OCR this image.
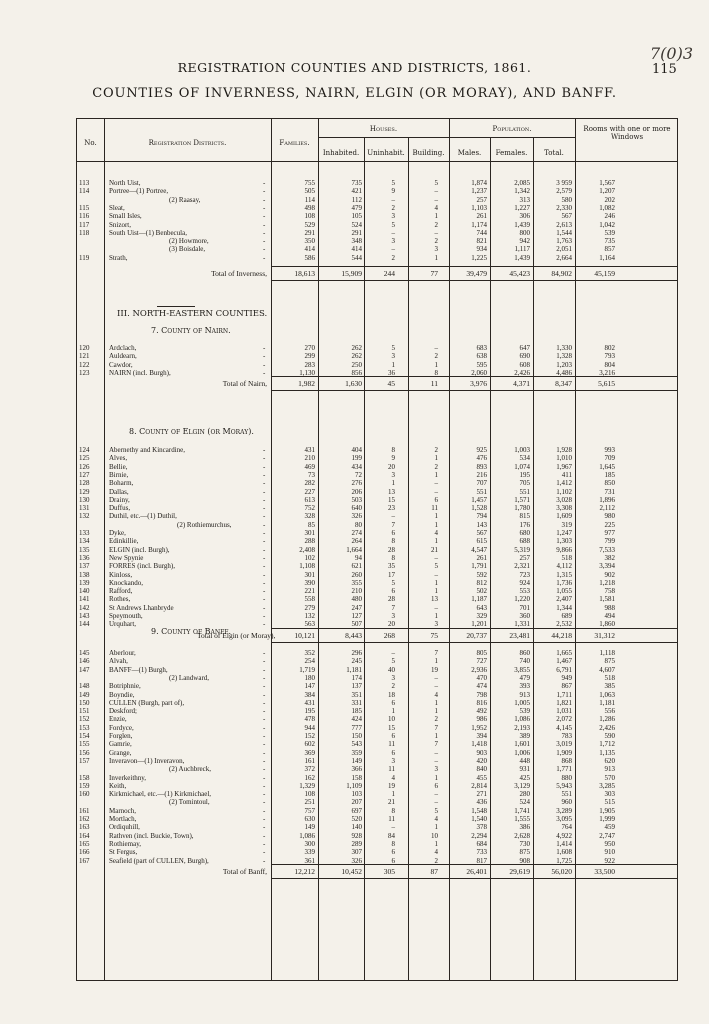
7(0)3
REGISTRATION COUNTIES AND DISTRICTS, 1861.	115
COUNTIES OF INVERNESS, NAIRN, ELGIN (OR MORAY), AND BANFF.
No.	Registration Districts.	Families.
Houses.
Inhabited.	Uninhabit.	Building.
Population.
Males.	Females.	Total.
Rooms with one or more Windows
III. NORTH-EASTERN COUNTIES.
7. County of Nairn.
8. County of Elgin (or Moray).
9. County of Banff.
113	North Uist,	-	755	735	5	5	1,874	2,085	3 959	1,567
114	Portree—(1) Portree,	-	505	421	9	–	1,237	1,342	2,579	1,207
(2) Raasay,	-	114	112	–	–	257	313	580	202
115	Sleat,	-	498	479	2	4	1,103	1,227	2,330	1,082
116	Small Isles,	-	108	105	3	1	261	306	567	246
117	Snizort,	-	529	524	5	2	1,174	1,439	2,613	1,042
118	South Uist—(1) Benbecula,	-	291	291	–	–	744	800	1,544	539
(2) Howmore,	-	350	348	3	2	821	942	1,763	735
(3) Boisdale,	-	414	414	–	3	934	1,117	2,051	857
119	Strath,	-	586	544	2	1	1,225	1,439	2,664	1,164
Total of Inverness,	18,613	15,909	244	77	39,479	45,423	84,902	45,159
120	Ardclach,	-	270	262	5	–	683	647	1,330	802
121	Auldearn,	-	299	262	3	2	638	690	1,328	793
122	Cawdor,	-	283	250	1	1	595	608	1,203	804
123	NAIRN (incl. Burgh),	-	1,130	856	36	8	2,060	2,426	4,486	3,216
Total of Nairn,	1,982	1,630	45	11	3,976	4,371	8,347	5,615
124	Abernethy and Kincardine,	-	431	404	8	2	925	1,003	1,928	993
125	Alves,	-	210	199	9	1	476	534	1,010	709
126	Bellie,	-	469	434	20	2	893	1,074	1,967	1,645
127	Birnie,	-	73	72	3	1	216	195	411	185
128	Boharm,	-	282	276	1	–	707	705	1,412	850
129	Dallas,	-	227	206	13	–	551	551	1,102	731
130	Drainy,	-	613	503	15	6	1,457	1,571	3,028	1,896
131	Duffus,	-	752	640	23	11	1,528	1,780	3,308	2,112
132	Duthil, etc.—(1) Duthil,	-	328	326	–	1	794	815	1,609	980
(2) Rothiemurchus,	-	85	80	7	1	143	176	319	225
133	Dyke,	-	301	274	6	4	567	680	1,247	977
134	Edinkillie,	-	288	264	8	1	615	688	1,303	799
135	ELGIN (incl. Burgh),	-	2,408	1,664	28	21	4,547	5,319	9,866	7,533
136	New Spynie	-	102	94	8	–	261	257	518	382
137	FORRES (incl. Burgh),	-	1,108	621	35	5	1,791	2,321	4,112	3,394
138	Kinloss,	-	301	260	17	–	592	723	1,315	902
139	Knockando,	-	390	355	5	1	812	924	1,736	1,218
140	Rafford,	-	221	210	6	1	502	553	1,055	758
141	Rothes,	-	558	480	28	13	1,187	1,220	2,407	1,581
142	St Andrews Lhanbryde	-	279	247	7	–	643	701	1,344	988
143	Speymouth,	-	132	127	3	1	329	360	689	494
144	Urquhart,	-	563	507	20	3	1,201	1,331	2,532	1,860
Total of Elgin (or Moray),	10,121	8,443	268	75	20,737	23,481	44,218	31,312
145	Aberlour,	-	352	296	–	7	805	860	1,665	1,118
146	Alvah,	-	254	245	5	1	727	740	1,467	875
147	BANFF—(1) Burgh,	-	1,719	1,181	40	19	2,936	3,855	6,791	4,607
(2) Landward,	-	180	174	3	–	470	479	949	518
148	Botriphnie,	-	147	137	2	–	474	393	867	385
149	Boyndie,	-	384	351	18	4	798	913	1,711	1,063
150	CULLEN (Burgh, part of),	-	431	331	6	1	816	1,005	1,821	1,181
151	Deskford;	-	195	185	1	1	492	539	1,031	556
152	Enzie,	-	478	424	10	2	986	1,086	2,072	1,286
153	Fordyce,	-	944	777	15	7	1,952	2,193	4,145	2,426
154	Forglen,	-	152	150	6	1	394	389	783	590
155	Gamrie,	-	602	543	11	7	1,418	1,601	3,019	1,712
156	Grange,	-	369	359	6	–	903	1,006	1,909	1,135
157	Inveravon—(1) Inveravon,	-	161	149	3	–	420	448	868	620
(2) Auchbreck,	-	372	366	11	3	840	931	1,771	913
158	Inverkeithny,	-	162	158	4	1	455	425	880	570
159	Keith,	-	1,329	1,109	19	6	2,814	3,129	5,943	3,285
160	Kirkmichael, etc.—(1) Kirkmichael,	-	108	103	1	–	271	280	551	303
(2) Tomintoul,	-	251	207	21	–	436	524	960	515
161	Marnoch,	-	757	697	8	5	1,548	1,741	3,289	1,905
162	Mortlach,	-	630	520	11	4	1,540	1,555	3,095	1,999
163	Ordiquhill,	-	149	140	–	1	378	386	764	459
164	Rathven (incl. Buckie, Town),	-	1,086	928	84	10	2,294	2,628	4,922	2,747
165	Rothiemay,	-	300	289	8	1	684	730	1,414	950
166	St Fergus,	-	339	307	6	4	733	875	1,608	910
167	Seafield (part of CULLEN, Burgh),	-	361	326	6	2	817	908	1,725	922
Total of Banff,	12,212	10,452	305	87	26,401	29,619	56,020	33,500
